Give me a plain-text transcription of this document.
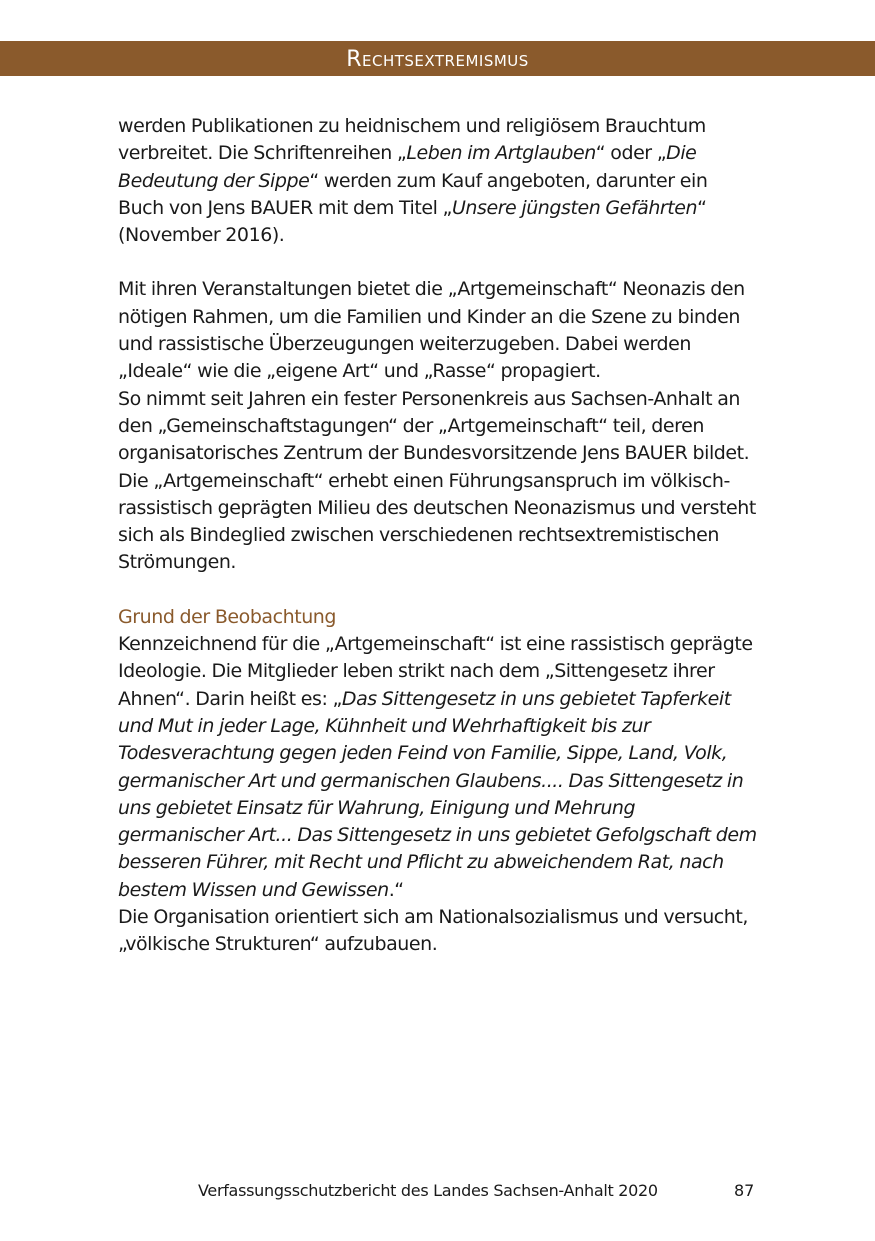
Rechtsextremismus

werden Publikationen zu heidnischem und religiösem Brauchtum verbreitet. Die Schriftenreihen „Leben im Artglauben“ oder „Die Bedeutung der Sippe“ werden zum Kauf angeboten, darunter ein Buch von Jens BAUER mit dem Titel „Unsere jüngsten Gefährten“ (November 2016).

Mit ihren Veranstaltungen bietet die „Artgemeinschaft“ Neonazis den nötigen Rahmen, um die Familien und Kinder an die Szene zu binden und rassistische Überzeugungen weiterzugeben. Dabei werden „Ideale“ wie die „eigene Art“ und „Rasse“ propagiert.

So nimmt seit Jahren ein fester Personenkreis aus Sachsen-Anhalt an den „Gemeinschaftstagungen“ der „Artgemeinschaft“ teil, deren organisatorisches Zentrum der Bundesvorsitzende Jens BAUER bildet. Die „Artgemeinschaft“ erhebt einen Führungsanspruch im völkisch-rassistisch geprägten Milieu des deutschen Neonazismus und versteht sich als Bindeglied zwischen verschiedenen rechtsextremistischen Strömungen.

Grund der Beobachtung

Kennzeichnend für die „Artgemeinschaft“ ist eine rassistisch geprägte Ideologie. Die Mitglieder leben strikt nach dem „Sittengesetz ihrer Ahnen“. Darin heißt es: „Das Sittengesetz in uns gebietet Tapferkeit und Mut in jeder Lage, Kühnheit und Wehrhaftigkeit bis zur Todesverachtung gegen jeden Feind von Familie, Sippe, Land, Volk, germanischer Art und germanischen Glaubens.... Das Sittengesetz in uns gebietet Einsatz für Wahrung, Einigung und Mehrung germanischer Art... Das Sittengesetz in uns gebietet Gefolgschaft dem besseren Führer, mit Recht und Pflicht zu abweichendem Rat, nach bestem Wissen und Gewissen.“

Die Organisation orientiert sich am Nationalsozialismus und versucht, „völkische Strukturen“ aufzubauen.

Verfassungsschutzbericht des Landes Sachsen-Anhalt 2020	87
